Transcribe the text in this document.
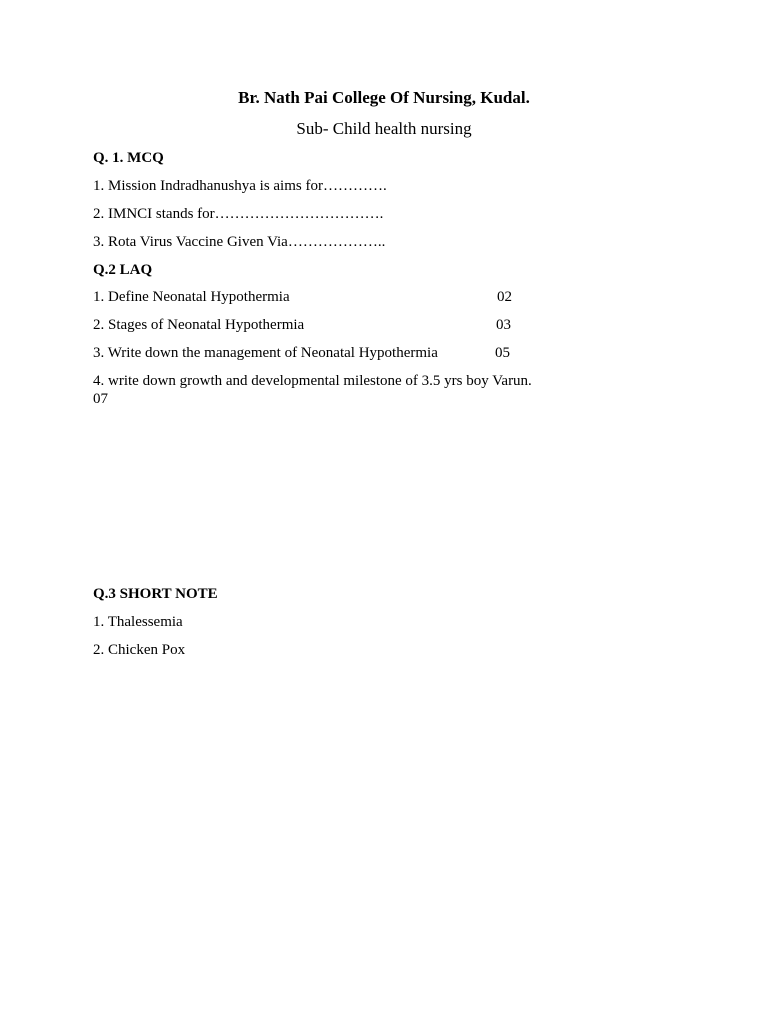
Br. Nath Pai College Of Nursing, Kudal.
Sub- Child health nursing
Q. 1. MCQ
1. Mission Indradhanushya is aims for………….
2. IMNCI stands for…………………………….
3. Rota Virus Vaccine Given Via………………..
Q.2 LAQ
1. Define Neonatal Hypothermia	02
2. Stages of Neonatal Hypothermia	03
3. Write down the management of Neonatal Hypothermia	05
4. write down growth and developmental milestone of 3.5 yrs boy Varun.
07
Q.3 SHORT NOTE
1. Thalessemia
2. Chicken Pox
